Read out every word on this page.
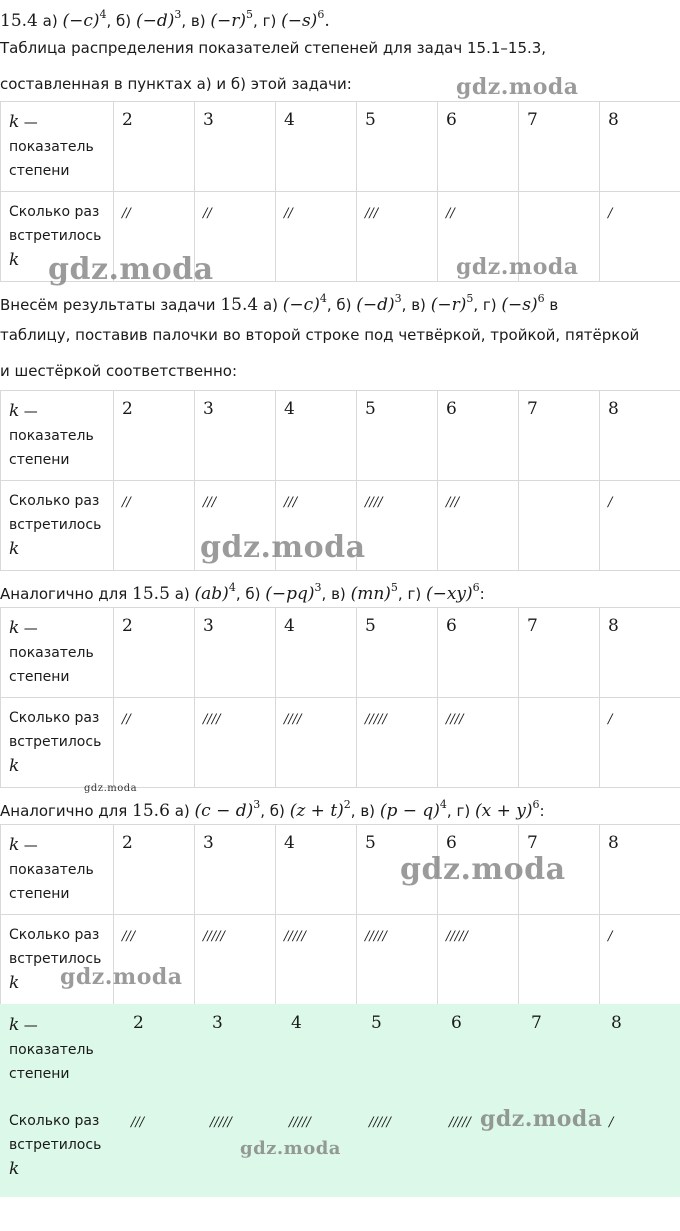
15.4 а) $(-c)^4$, б) $(-d)^3$, в) $(-r)^5$, г) $(-s)^6$.
Таблица распределения показателей степеней для задач 15.1–15.3,
составленная в пунктах а) и б) этой задачи:
k —
показатель
степени	2	3	4	5	6	7	8
Сколько раз
встретилось
k	//	//	//	///	//		/
Внесём результаты задачи 15.4 а) $(-c)^4$, б) $(-d)^3$, в) $(-r)^5$, г) $(-s)^6$ в
таблицу, поставив палочки во второй строке под четвёркой, тройкой, пятёркой
и шестёркой соответственно:
k —
показатель
степени	2	3	4	5	6	7	8
Сколько раз
встретилось
k	//	///	///	////	///		/
Аналогично для 15.5 а) (ab)$^4$, б) $(-pq)^3$, в) (mn)$^5$, г) $(-xy)^6$:
k —
показатель
степени	2	3	4	5	6	7	8
Сколько раз
встретилось
k	//	////	////	/////	////		/
Аналогично для 15.6 а) $(c - d)^3$, б) $(z + t)^2$, в) $(p - q)^4$, г) $(x + y)^6$:
k —
показатель
степени	2	3	4	5	6	7	8
Сколько раз
встретилось
k	///	/////	/////	/////	/////		/
k —
показатель
степени	2	3	4	5	6	7	8
Сколько раз
встретилось
k	///	/////	/////	/////	/////		/
gdz.moda
gdz.moda	gdz.moda
gdz.moda
gdz.moda
gdz.moda
gdz.moda
gdz.moda
gdz.moda
